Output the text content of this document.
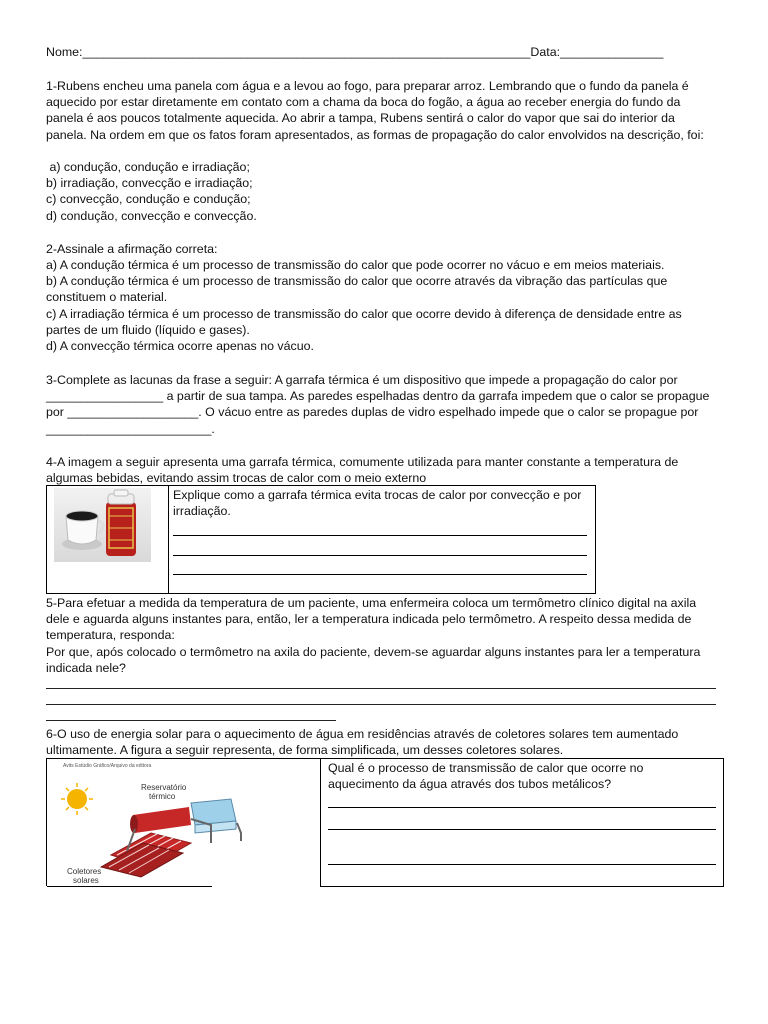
Nome:_________________________________________________________________Data:_______________

1-Rubens encheu uma panela com água e a levou ao fogo, para preparar arroz. Lembrando que o fundo da panela é aquecido por estar diretamente em contato com a chama da boca do fogão, a água ao receber energia do fundo da panela é aos poucos totalmente aquecida. Ao abrir a tampa, Rubens sentirá o calor do vapor que sai do interior da panela. Na ordem em que os fatos foram apresentados, as formas de propagação do calor envolvidos na descrição, foi:

a) condução, condução e irradiação;
b) irradiação, convecção e irradiação;
c) convecção, condução e condução;
d) condução, convecção e convecção.

2-Assinale a afirmação correta:

a) A condução térmica é um processo de transmissão do calor que pode ocorrer no vácuo e em meios materiais.
b) A condução térmica é um processo de transmissão do calor que ocorre através da vibração das partículas que constituem o material.
c) A irradiação térmica é um processo de transmissão do calor que ocorre devido à diferença de densidade entre as partes de um fluido (líquido e gases).
d) A convecção térmica ocorre apenas no vácuo.

3-Complete as lacunas da frase a seguir: A garrafa térmica é um dispositivo que impede a propagação do calor por _________________ a partir de sua tampa. As paredes espelhadas dentro da garrafa impedem que o calor se propague por ___________________. O vácuo entre as paredes duplas de vidro espelhado impede que o calor se propague por ________________________.

4-A imagem a seguir apresenta uma garrafa térmica, comumente utilizada para manter constante a temperatura de algumas bebidas, evitando assim trocas de calor com o meio externo

Explique como a garrafa térmica evita trocas de calor por convecção e por irradiação.

5-Para efetuar a medida da temperatura de um paciente, uma enfermeira coloca um termômetro clínico digital na axila dele e aguarda alguns instantes para, então, ler a temperatura indicada pelo termômetro. A respeito dessa medida de temperatura, responda:

Por que, após colocado o termômetro na axila do paciente, devem-se aguardar alguns instantes para ler a temperatura indicada nele?

6-O uso de energia solar para o aquecimento de água em residências através de coletores solares tem aumentado ultimamente. A figura a seguir representa, de forma simplificada, um desses coletores solares.

Avits Estúdio Gráfico/Arquivo da editora
Reservatório
térmico
Coletores
solares
Qual é o processo de transmissão de calor que ocorre no aquecimento da água através dos tubos metálicos?
